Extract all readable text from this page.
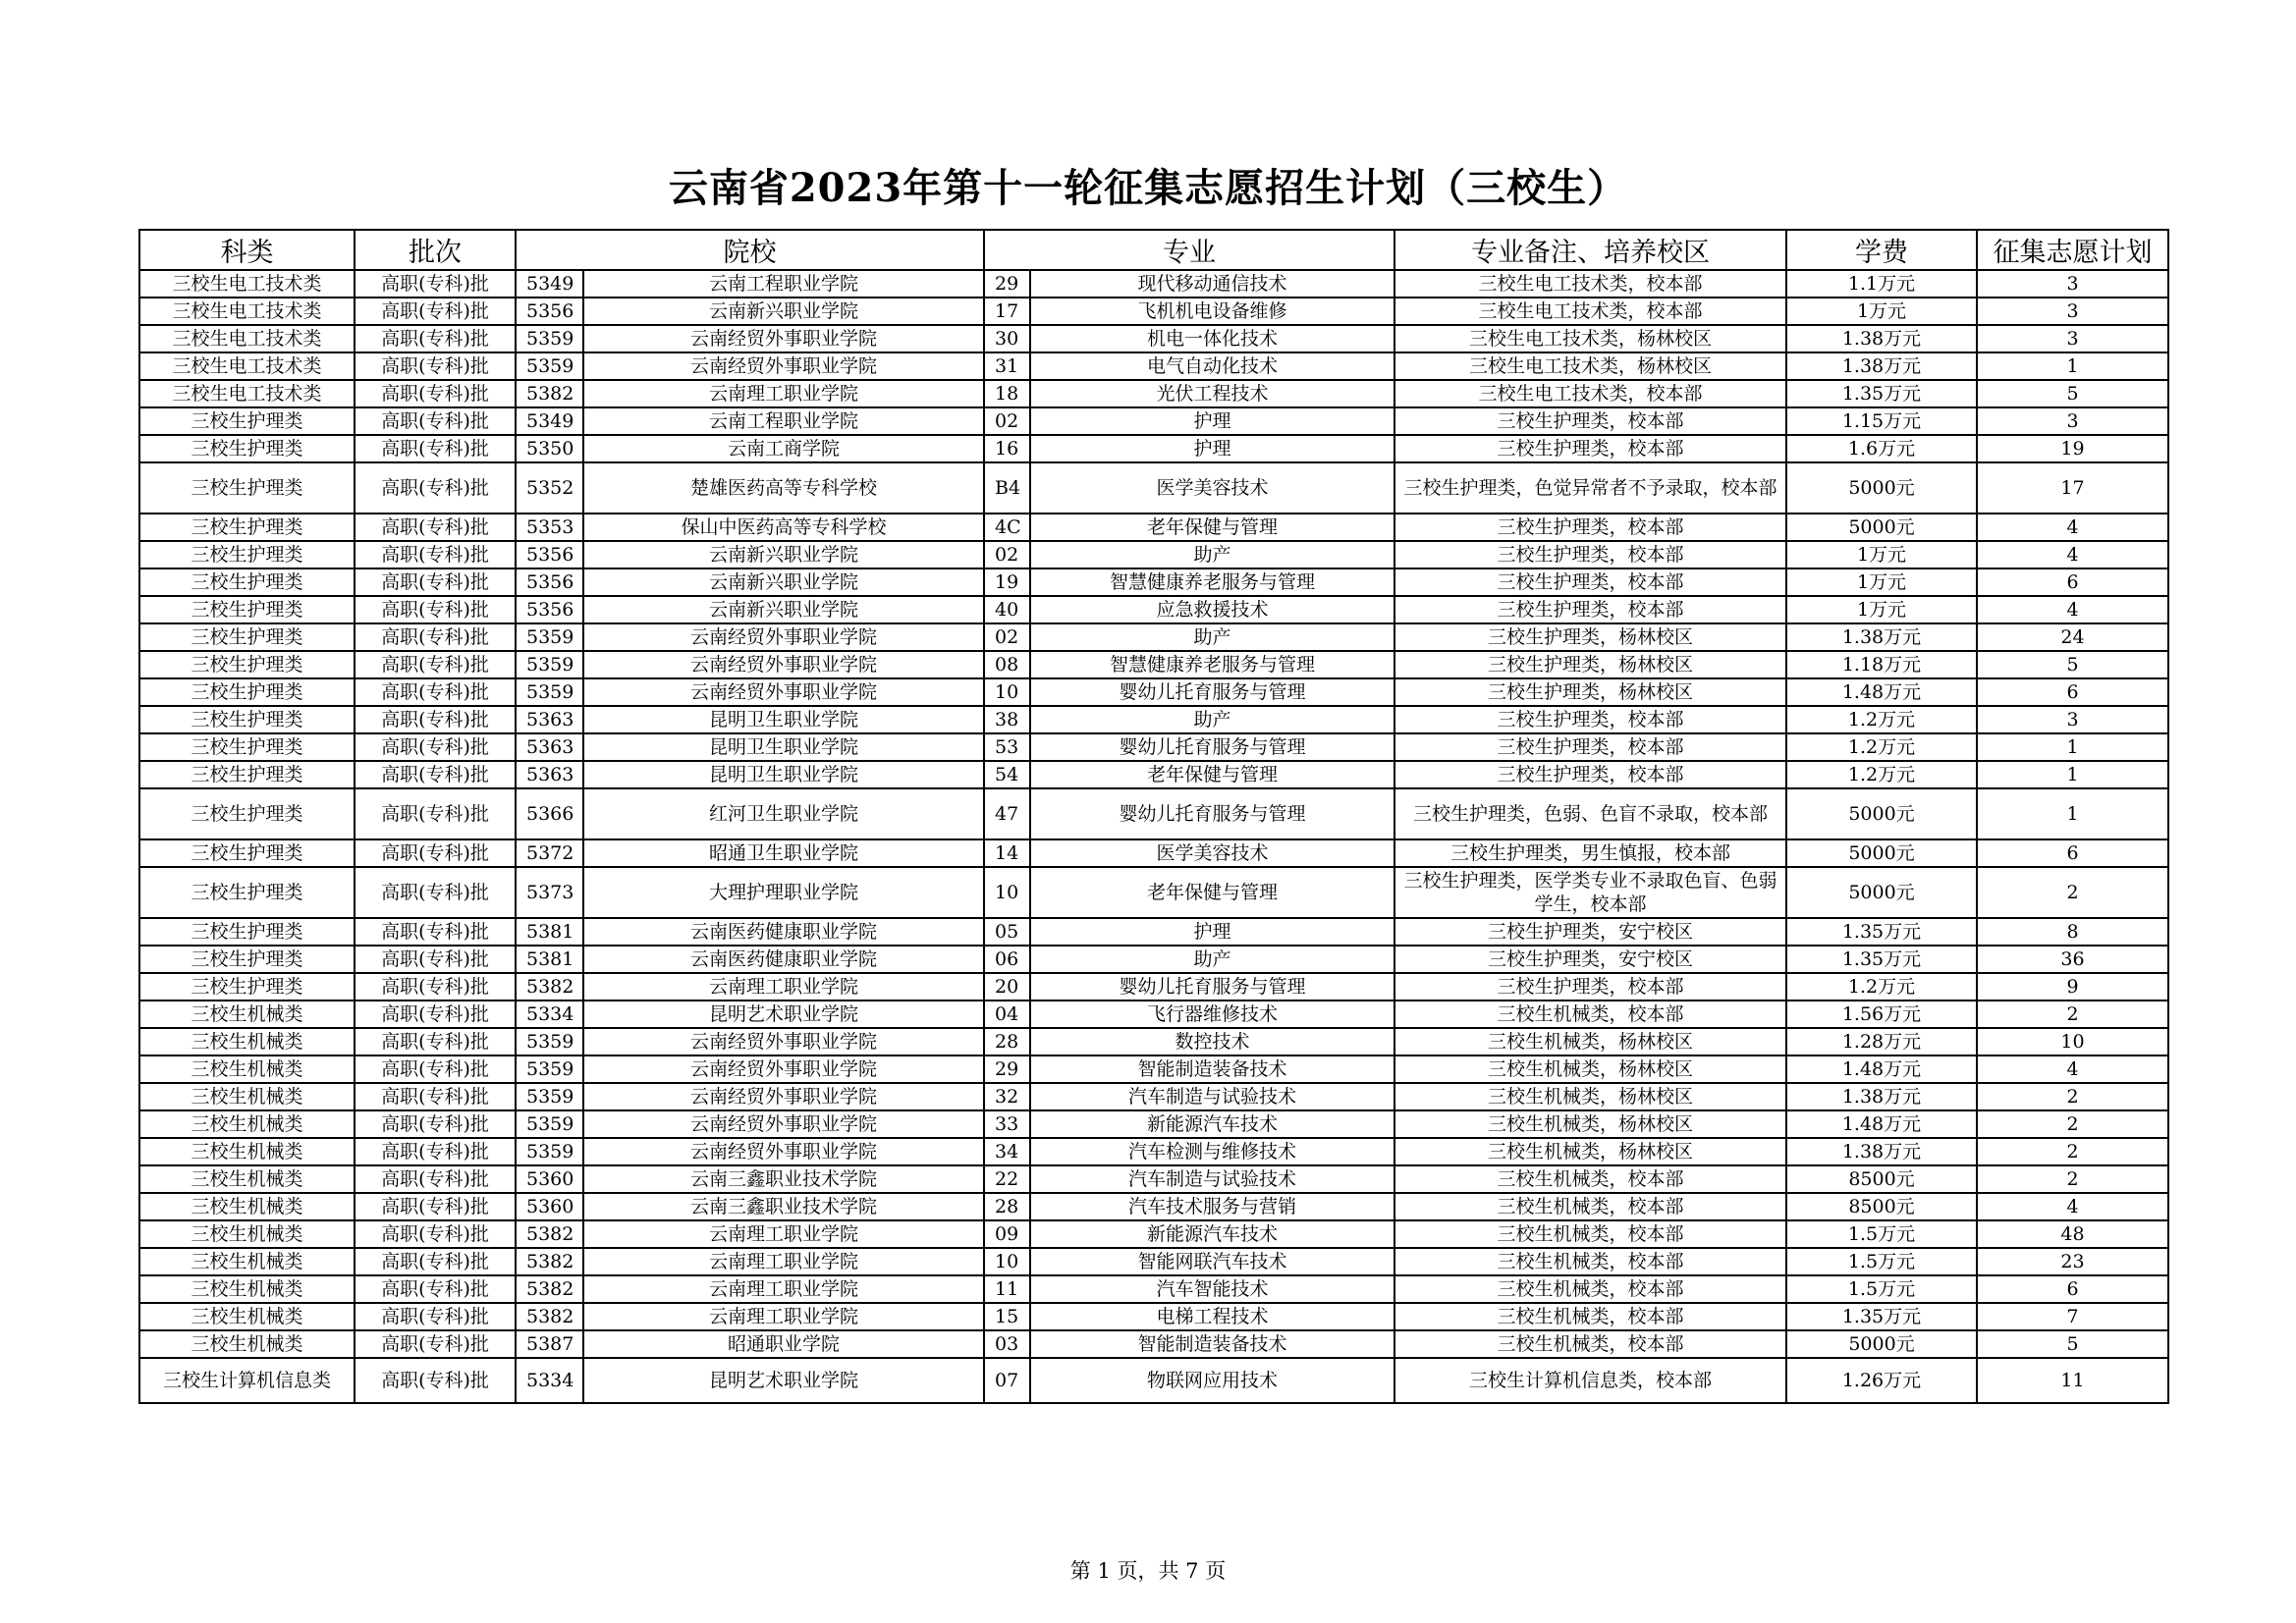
云南省2023年第十一轮征集志愿招生计划（三校生）
科类	批次	院校		专业		专业备注、培养校区	学费	征集志愿计划
三校生电工技术类	高职(专科)批	5349	云南工程职业学院	29	现代移动通信技术	三校生电工技术类，校本部	1.1万元	3
三校生电工技术类	高职(专科)批	5356	云南新兴职业学院	17	飞机机电设备维修	三校生电工技术类，校本部	1万元	3
三校生电工技术类	高职(专科)批	5359	云南经贸外事职业学院	30	机电一体化技术	三校生电工技术类，杨林校区	1.38万元	3
三校生电工技术类	高职(专科)批	5359	云南经贸外事职业学院	31	电气自动化技术	三校生电工技术类，杨林校区	1.38万元	1
三校生电工技术类	高职(专科)批	5382	云南理工职业学院	18	光伏工程技术	三校生电工技术类，校本部	1.35万元	5
三校生护理类	高职(专科)批	5349	云南工程职业学院	02	护理	三校生护理类，校本部	1.15万元	3
三校生护理类	高职(专科)批	5350	云南工商学院	16	护理	三校生护理类，校本部	1.6万元	19
三校生护理类	高职(专科)批	5352	楚雄医药高等专科学校	B4	医学美容技术	三校生护理类，色觉异常者不予录取，校本部	5000元	17
三校生护理类	高职(专科)批	5353	保山中医药高等专科学校	4C	老年保健与管理	三校生护理类，校本部	5000元	4
三校生护理类	高职(专科)批	5356	云南新兴职业学院	02	助产	三校生护理类，校本部	1万元	4
三校生护理类	高职(专科)批	5356	云南新兴职业学院	19	智慧健康养老服务与管理	三校生护理类，校本部	1万元	6
三校生护理类	高职(专科)批	5356	云南新兴职业学院	40	应急救援技术	三校生护理类，校本部	1万元	4
三校生护理类	高职(专科)批	5359	云南经贸外事职业学院	02	助产	三校生护理类，杨林校区	1.38万元	24
三校生护理类	高职(专科)批	5359	云南经贸外事职业学院	08	智慧健康养老服务与管理	三校生护理类，杨林校区	1.18万元	5
三校生护理类	高职(专科)批	5359	云南经贸外事职业学院	10	婴幼儿托育服务与管理	三校生护理类，杨林校区	1.48万元	6
三校生护理类	高职(专科)批	5363	昆明卫生职业学院	38	助产	三校生护理类，校本部	1.2万元	3
三校生护理类	高职(专科)批	5363	昆明卫生职业学院	53	婴幼儿托育服务与管理	三校生护理类，校本部	1.2万元	1
三校生护理类	高职(专科)批	5363	昆明卫生职业学院	54	老年保健与管理	三校生护理类，校本部	1.2万元	1
三校生护理类	高职(专科)批	5366	红河卫生职业学院	47	婴幼儿托育服务与管理	三校生护理类，色弱、色盲不录取，校本部	5000元	1
三校生护理类	高职(专科)批	5372	昭通卫生职业学院	14	医学美容技术	三校生护理类，男生慎报，校本部	5000元	6
三校生护理类	高职(专科)批	5373	大理护理职业学院	10	老年保健与管理	三校生护理类，医学类专业不录取色盲、色弱学生，校本部	5000元	2
三校生护理类	高职(专科)批	5381	云南医药健康职业学院	05	护理	三校生护理类，安宁校区	1.35万元	8
三校生护理类	高职(专科)批	5381	云南医药健康职业学院	06	助产	三校生护理类，安宁校区	1.35万元	36
三校生护理类	高职(专科)批	5382	云南理工职业学院	20	婴幼儿托育服务与管理	三校生护理类，校本部	1.2万元	9
三校生机械类	高职(专科)批	5334	昆明艺术职业学院	04	飞行器维修技术	三校生机械类，校本部	1.56万元	2
三校生机械类	高职(专科)批	5359	云南经贸外事职业学院	28	数控技术	三校生机械类，杨林校区	1.28万元	10
三校生机械类	高职(专科)批	5359	云南经贸外事职业学院	29	智能制造装备技术	三校生机械类，杨林校区	1.48万元	4
三校生机械类	高职(专科)批	5359	云南经贸外事职业学院	32	汽车制造与试验技术	三校生机械类，杨林校区	1.38万元	2
三校生机械类	高职(专科)批	5359	云南经贸外事职业学院	33	新能源汽车技术	三校生机械类，杨林校区	1.48万元	2
三校生机械类	高职(专科)批	5359	云南经贸外事职业学院	34	汽车检测与维修技术	三校生机械类，杨林校区	1.38万元	2
三校生机械类	高职(专科)批	5360	云南三鑫职业技术学院	22	汽车制造与试验技术	三校生机械类，校本部	8500元	2
三校生机械类	高职(专科)批	5360	云南三鑫职业技术学院	28	汽车技术服务与营销	三校生机械类，校本部	8500元	4
三校生机械类	高职(专科)批	5382	云南理工职业学院	09	新能源汽车技术	三校生机械类，校本部	1.5万元	48
三校生机械类	高职(专科)批	5382	云南理工职业学院	10	智能网联汽车技术	三校生机械类，校本部	1.5万元	23
三校生机械类	高职(专科)批	5382	云南理工职业学院	11	汽车智能技术	三校生机械类，校本部	1.5万元	6
三校生机械类	高职(专科)批	5382	云南理工职业学院	15	电梯工程技术	三校生机械类，校本部	1.35万元	7
三校生机械类	高职(专科)批	5387	昭通职业学院	03	智能制造装备技术	三校生机械类，校本部	5000元	5
三校生计算机信息类	高职(专科)批	5334	昆明艺术职业学院	07	物联网应用技术	三校生计算机信息类，校本部	1.26万元	11
第 1 页，共 7 页
